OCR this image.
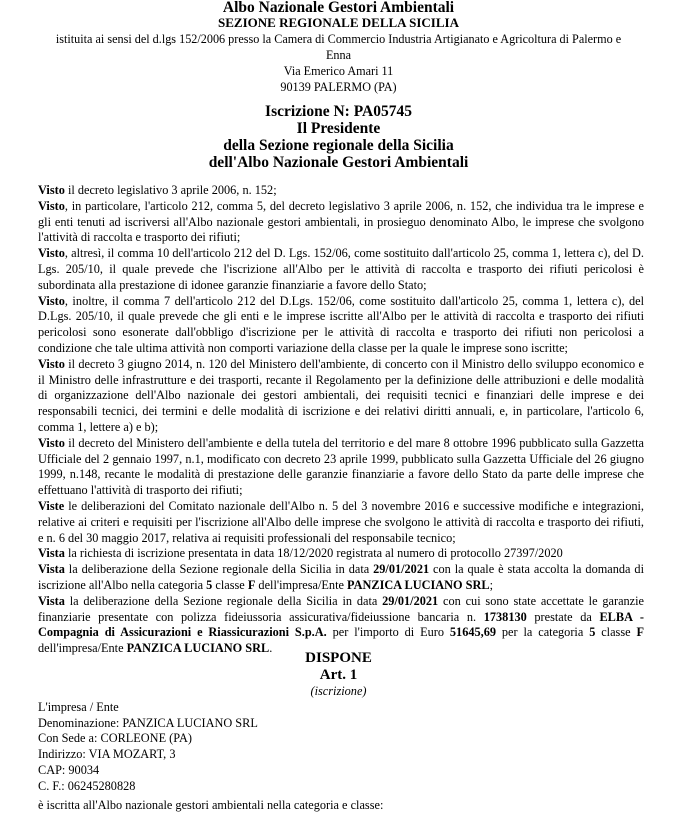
Albo Nazionale Gestori Ambientali
SEZIONE REGIONALE DELLA SICILIA
istituita ai sensi del d.lgs 152/2006 presso la Camera di Commercio Industria Artigianato e Agricoltura di Palermo e
Enna
Via Emerico Amari 11
90139 PALERMO (PA)
Iscrizione N: PA05745
Il Presidente
della Sezione regionale della Sicilia
dell'Albo Nazionale Gestori Ambientali

Visto il decreto legislativo 3 aprile 2006, n. 152;

Visto, in particolare, l'articolo 212, comma 5, del decreto legislativo 3 aprile 2006, n. 152, che individua tra le imprese e gli enti tenuti ad iscriversi all'Albo nazionale gestori ambientali, in prosieguo denominato Albo, le imprese che svolgono l'attività di raccolta e trasporto dei rifiuti;

Visto, altresì, il comma 10 dell'articolo 212 del D. Lgs. 152/06, come sostituito dall'articolo 25, comma 1, lettera c), del D. Lgs. 205/10, il quale prevede che l'iscrizione all'Albo per le attività di raccolta e trasporto dei rifiuti pericolosi è subordinata alla prestazione di idonee garanzie finanziarie a favore dello Stato;

Visto, inoltre, il comma 7 dell'articolo 212 del D.Lgs. 152/06, come sostituito dall'articolo 25, comma 1, lettera c), del D.Lgs. 205/10, il quale prevede che gli enti e le imprese iscritte all'Albo per le attività di raccolta e trasporto dei rifiuti pericolosi sono esonerate dall'obbligo d'iscrizione per le attività di raccolta e trasporto dei rifiuti non pericolosi a condizione che tale ultima attività non comporti variazione della classe per la quale le imprese sono iscritte;

Visto il decreto 3 giugno 2014, n. 120 del Ministero dell'ambiente, di concerto con il Ministro dello sviluppo economico e il Ministro delle infrastrutture e dei trasporti, recante il Regolamento per la definizione delle attribuzioni e delle modalità di organizzazione dell'Albo nazionale dei gestori ambientali, dei requisiti tecnici e finanziari delle imprese e dei responsabili tecnici, dei termini e delle modalità di iscrizione e dei relativi diritti annuali, e, in particolare, l'articolo 6, comma 1, lettere a) e b);

Visto il decreto del Ministero dell'ambiente e della tutela del territorio e del mare 8 ottobre 1996 pubblicato sulla Gazzetta Ufficiale del 2 gennaio 1997, n.1, modificato con decreto 23 aprile 1999, pubblicato sulla Gazzetta Ufficiale del 26 giugno 1999, n.148, recante le modalità di prestazione delle garanzie finanziarie a favore dello Stato da parte delle imprese che effettuano l'attività di trasporto dei rifiuti;

Viste le deliberazioni del Comitato nazionale dell'Albo n. 5 del 3 novembre 2016 e successive modifiche e integrazioni, relative ai criteri e requisiti per l'iscrizione all'Albo delle imprese che svolgono le attività di raccolta e trasporto dei rifiuti, e n. 6 del 30 maggio 2017, relativa ai requisiti professionali del responsabile tecnico;

Vista la richiesta di iscrizione presentata in data 18/12/2020 registrata al numero di protocollo 27397/2020

Vista la deliberazione della Sezione regionale della Sicilia in data 29/01/2021 con la quale è stata accolta la domanda di iscrizione all'Albo nella categoria 5 classe F dell'impresa/Ente PANZICA LUCIANO SRL;

Vista la deliberazione della Sezione regionale della Sicilia in data 29/01/2021 con cui sono state accettate le garanzie finanziarie presentate con polizza fideiussoria assicurativa/fideiussione bancaria n. 1738130 prestate da ELBA - Compagnia di Assicurazioni e Riassicurazioni S.p.A. per l'importo di Euro 51645,69 per la categoria 5 classe F dell'impresa/Ente PANZICA LUCIANO SRL.

DISPONE
Art. 1
(iscrizione)
L'impresa / Ente
Denominazione: PANZICA LUCIANO SRL
Con Sede a: CORLEONE (PA)
Indirizzo: VIA MOZART, 3
CAP: 90034
C. F.: 06245280828
è iscritta all'Albo nazionale gestori ambientali nella categoria e classe:
